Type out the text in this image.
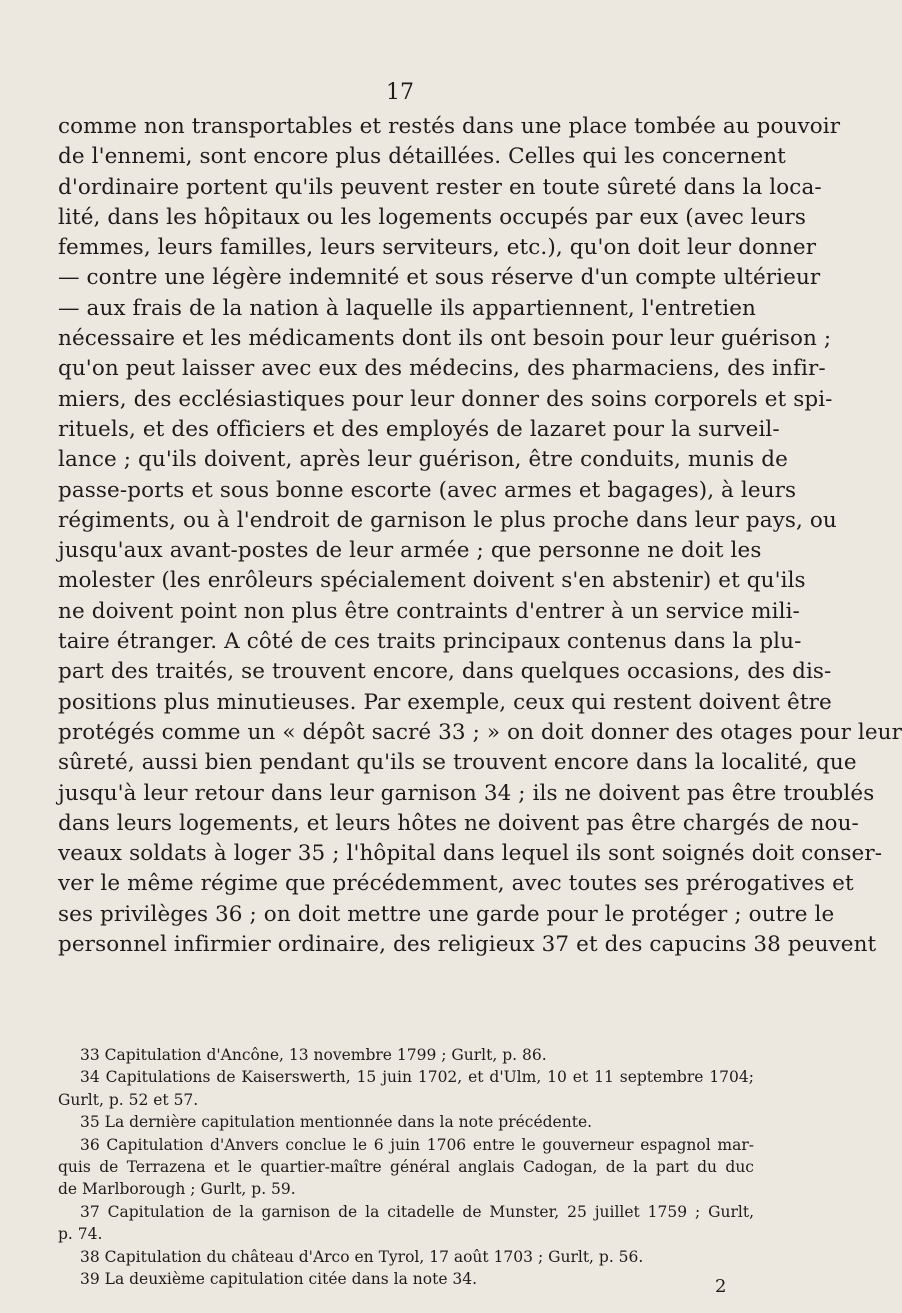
17
comme non transportables et restés dans une place tombée au pouvoir
de l'ennemi, sont encore plus détaillées. Celles qui les concernent
d'ordinaire portent qu'ils peuvent rester en toute sûreté dans la loca-
lité, dans les hôpitaux ou les logements occupés par eux (avec leurs
femmes, leurs familles, leurs serviteurs, etc.), qu'on doit leur donner
— contre une légère indemnité et sous réserve d'un compte ultérieur
— aux frais de la nation à laquelle ils appartiennent, l'entretien
nécessaire et les médicaments dont ils ont besoin pour leur guérison ;
qu'on peut laisser avec eux des médecins, des pharmaciens, des infir-
miers, des ecclésiastiques pour leur donner des soins corporels et spi-
rituels, et des officiers et des employés de lazaret pour la surveil-
lance ; qu'ils doivent, après leur guérison, être conduits, munis de
passe-ports et sous bonne escorte (avec armes et bagages), à leurs
régiments, ou à l'endroit de garnison le plus proche dans leur pays, ou
jusqu'aux avant-postes de leur armée ; que personne ne doit les
molester (les enrôleurs spécialement doivent s'en abstenir) et qu'ils
ne doivent point non plus être contraints d'entrer à un service mili-
taire étranger. A côté de ces traits principaux contenus dans la plu-
part des traités, se trouvent encore, dans quelques occasions, des dis-
positions plus minutieuses. Par exemple, ceux qui restent doivent être
protégés comme un « dépôt sacré 33 ; » on doit donner des otages pour leur
sûreté, aussi bien pendant qu'ils se trouvent encore dans la localité, que
jusqu'à leur retour dans leur garnison 34 ; ils ne doivent pas être troublés
dans leurs logements, et leurs hôtes ne doivent pas être chargés de nou-
veaux soldats à loger 35 ; l'hôpital dans lequel ils sont soignés doit conser-
ver le même régime que précédemment, avec toutes ses prérogatives et
ses privilèges 36 ; on doit mettre une garde pour le protéger ; outre le
personnel infirmier ordinaire, des religieux 37 et des capucins 38 peuvent
33 Capitulation d'Ancône, 13 novembre 1799 ; Gurlt, p. 86.
34 Capitulations de Kaiserswerth, 15 juin 1702, et d'Ulm, 10 et 11 septembre 1704;
Gurlt, p. 52 et 57.
35 La dernière capitulation mentionnée dans la note précédente.
36 Capitulation d'Anvers conclue le 6 juin 1706 entre le gouverneur espagnol mar-
quis de Terrazena et le quartier-maître général anglais Cadogan, de la part du duc
de Marlborough ; Gurlt, p. 59.
37 Capitulation de la garnison de la citadelle de Munster, 25 juillet 1759 ; Gurlt,
p. 74.
38 Capitulation du château d'Arco en Tyrol, 17 août 1703 ; Gurlt, p. 56.
39 La deuxième capitulation citée dans la note 34.	2
